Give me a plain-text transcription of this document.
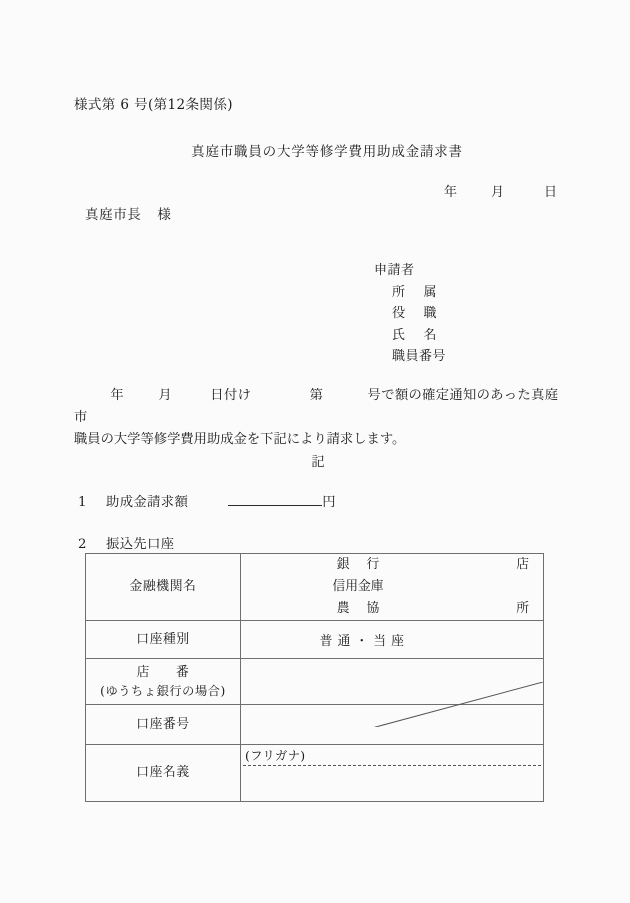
様式第 6 号(第12条関係)
真庭市職員の大学等修学費用助成金請求書
年	月	日
真庭市長 様
申請者
所 属
役 職
氏 名
職員番号
年	月	日付け	第	号で額の確定通知のあった真庭市
職員の大学等修学費用助成金を下記により請求します。
記
1 助成金請求額	円
2 振込先口座
金融機関名	銀 行 店
信用金庫
農 協 所

口座種別	普 通 ・ 当 座

店 番
(ゆうちょ銀行の場合)

口座番号	

口座名義	(フリガナ)
